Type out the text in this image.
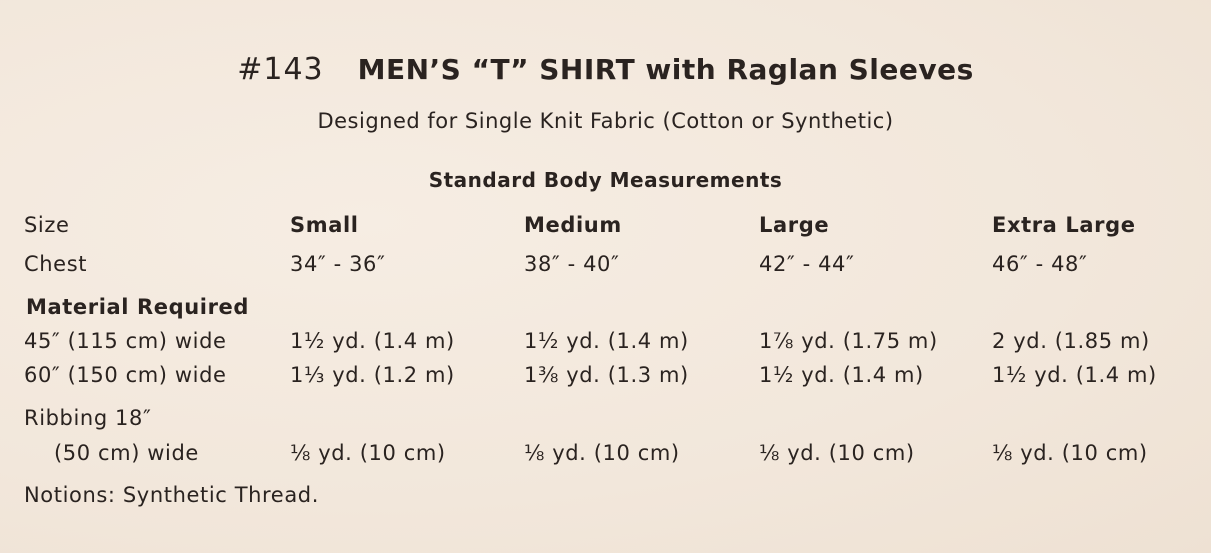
#143 MEN’S “T” SHIRT with Raglan Sleeves
Designed for Single Knit Fabric (Cotton or Synthetic)
Standard Body Measurements
Size	Small	Medium	Large	Extra Large
Chest	34″ - 36″	38″ - 40″	42″ - 44″	46″ - 48″
Material Required
45″ (115 cm) wide	1½ yd. (1.4 m)	1½ yd. (1.4 m)	1⅞ yd. (1.75 m)	2 yd. (1.85 m)
60″ (150 cm) wide	1⅓ yd. (1.2 m)	1⅜ yd. (1.3 m)	1½ yd. (1.4 m)	1½ yd. (1.4 m)
Ribbing 18″
(50 cm) wide	⅛ yd. (10 cm)	⅛ yd. (10 cm)	⅛ yd. (10 cm)	⅛ yd. (10 cm)
Notions: Synthetic Thread.
